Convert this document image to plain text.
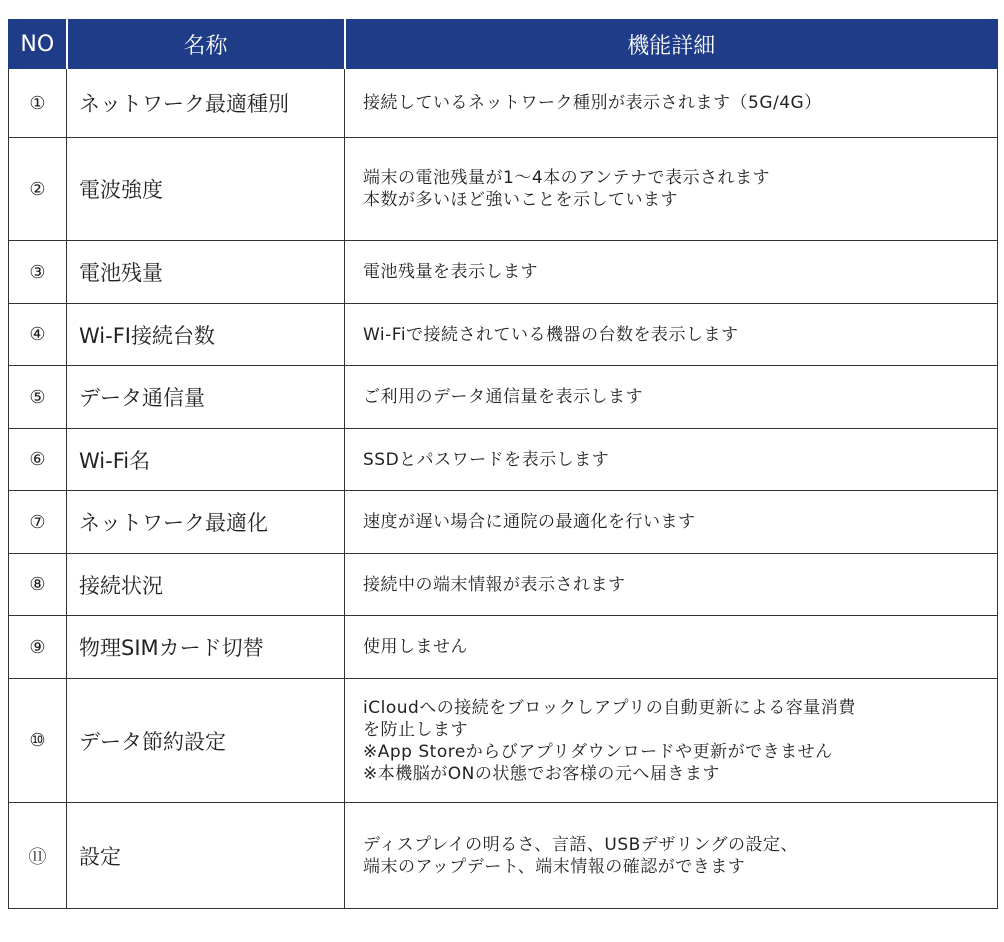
NO	名称	機能詳細
①	ネットワーク最適種別	接続しているネットワーク種別が表示されます（5G/4G）

②	電波強度	端末の電池残量が1～4本のアンテナで表示されます
本数が多いほど強いことを示しています

③	電池残量	電池残量を表示します

④	Wi-FI接続台数	Wi-Fiで接続されている機器の台数を表示します

⑤	データ通信量	ご利用のデータ通信量を表示します

⑥	Wi-Fi名	SSDとパスワードを表示します

⑦	ネットワーク最適化	速度が遅い場合に通院の最適化を行います

⑧	接続状況	接続中の端末情報が表示されます

⑨	物理SIMカード切替	使用しません

⑩	データ節約設定	iCloudへの接続をブロックしアプリの自動更新による容量消費
を防止します
※App Storeからびアプリダウンロードや更新ができません
※本機脳がONの状態でお客様の元へ届きます

⑪	設定	ディスプレイの明るさ、言語、USBデザリングの設定、
端末のアップデート、端末情報の確認ができます
